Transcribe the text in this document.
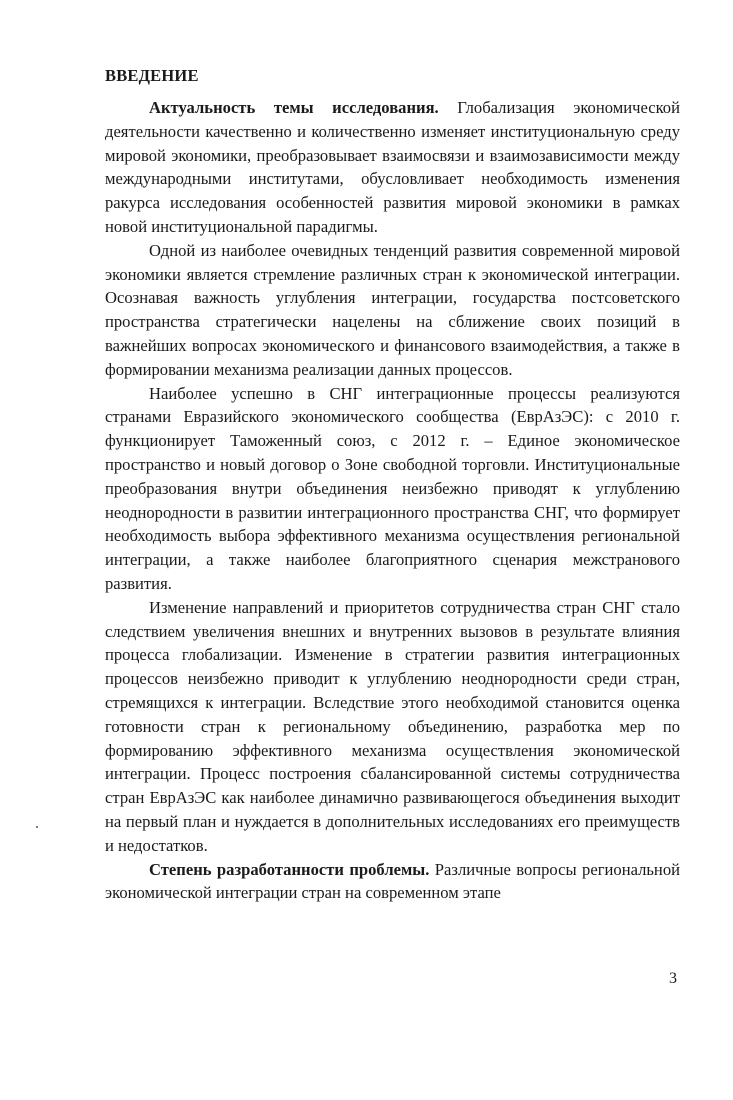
ВВЕДЕНИЕ

Актуальность темы исследования. Глобализация экономической деятельности качественно и количественно изменяет институциональную среду мировой экономики, преобразовывает взаимосвязи и взаимозависимости между международными институтами, обусловливает необходимость изменения ракурса исследования особенностей развития мировой экономики в рамках новой институциональной парадигмы.

Одной из наиболее очевидных тенденций развития современной мировой экономики является стремление различных стран к экономической интеграции. Осознавая важность углубления интеграции, государства постсоветского пространства стратегически нацелены на сближение своих позиций в важнейших вопросах экономического и финансового взаимодействия, а также в формировании механизма реализации данных процессов.

Наиболее успешно в СНГ интеграционные процессы реализуются странами Евразийского экономического сообщества (ЕврАзЭС): с 2010 г. функционирует Таможенный союз, с 2012 г. – Единое экономическое пространство и новый договор о Зоне свободной торговли. Институциональные преобразования внутри объединения неизбежно приводят к углублению неоднородности в развитии интеграционного пространства СНГ, что формирует необходимость выбора эффективного механизма осуществления региональной интеграции, а также наиболее благоприятного сценария межстранового развития.

Изменение направлений и приоритетов сотрудничества стран СНГ стало следствием увеличения внешних и внутренних вызовов в результате влияния процесса глобализации. Изменение в стратегии развития интеграционных процессов неизбежно приводит к углублению неоднородности среди стран, стремящихся к интеграции. Вследствие этого необходимой становится оценка готовности стран к региональному объединению, разработка мер по формированию эффективного механизма осуществления экономической интеграции. Процесс построения сбалансированной системы сотрудничества стран ЕврАзЭС как наиболее динамично развивающегося объединения выходит на первый план и нуждается в дополнительных исследованиях его преимуществ и недостатков.

Степень разработанности проблемы. Различные вопросы региональной экономической интеграции стран на современном этапе

3
